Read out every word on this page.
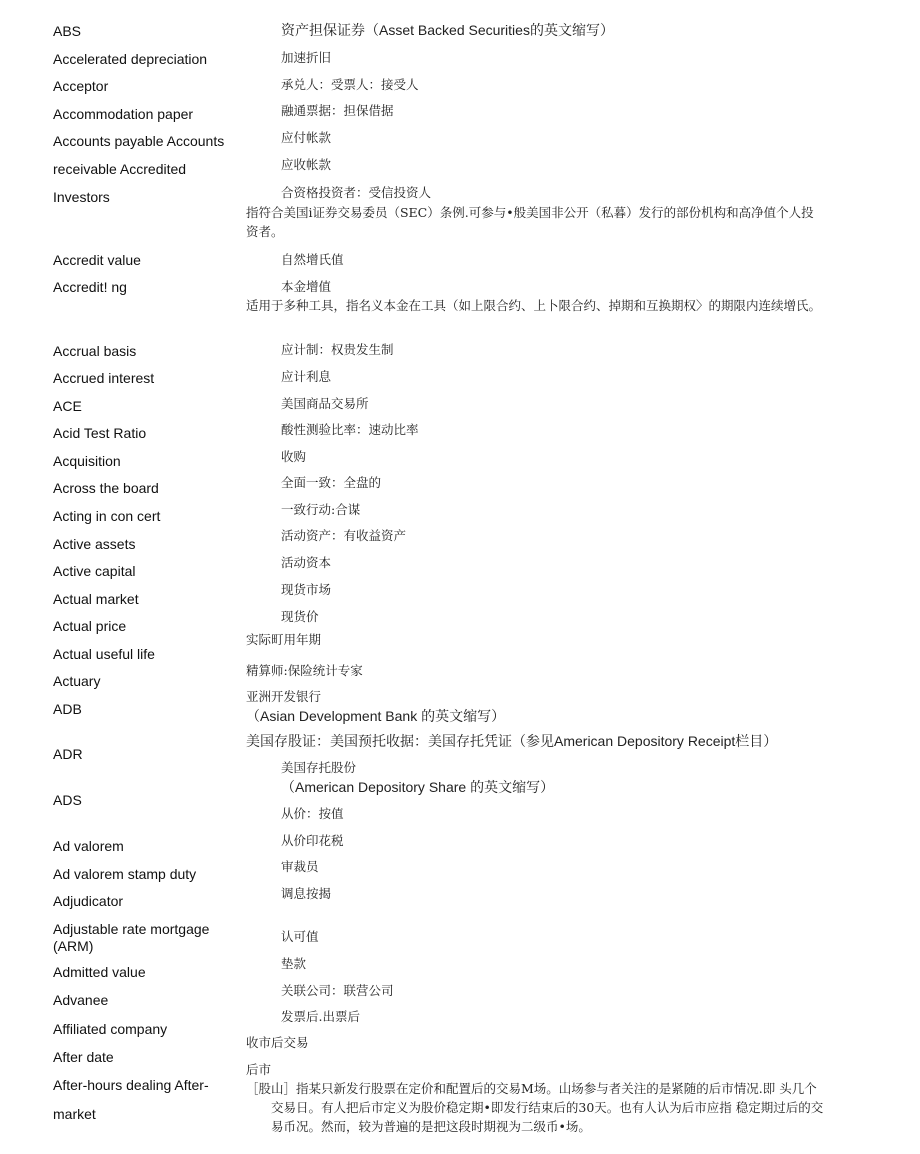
ABS
Accelerated depreciation
Acceptor
Accommodation paper
Accounts payable Accounts
receivable Accredited
Investors
Accredit value
Accredit! ng
Accrual basis
Accrued interest
ACE
Acid Test Ratio
Acquisition
Across the board
Acting in con cert
Active assets
Active capital
Actual market
Actual price
Actual useful life
Actuary
ADB
ADR
ADS
Ad valorem
Ad valorem stamp duty
Adjudicator
Adjustable rate mortgage (ARM)
Admitted value
Advanee
Affiliated company
After date
After-hours dealing After-
market
资产担保证券（Asset Backed Securities的英文缩写）
加速折旧
承兑人：受票人：接受人
融通票据：担保借据
应付帐款
应收帐款
合资格投资者：受信投资人
指符合美国i证券交易委员（SEC）条例.可参与•般美国非公开（私暮）发行的部份机构和高净值个人投资者。
自然增氏值
本金增值
适用于多种工具，指名义本金在工具（如上限合约、上卜限合约、掉期和互换期权〉的期限内连续增氏。
应计制：权贵发生制
应计利息
美国商品交易所
酸性测验比率：速动比率
收购
全面一致：全盘的
一致行动:合谋
活动资产：有收益资产
活动资本
现货市场
现货价
实际町用年期
精算师:保险统计专家
亚洲开发银行
（Asian Development Bank 的英文缩写）
美国存股证：美国预托收据：美国存托凭证（参见American Depository Receipt栏目）
美国存托股份
（American Depository Share 的英文缩写）
从价：按值
从价印花税
审裁员
调息按揭
认可值
垫款
关联公司：联营公司
发票后.出票后
收市后交易
后市
［股山］指某只新发行股票在定价和配置后的交易M场。山场参与者关注的是紧随的后市情况.即 头几个交易日。有人把后市定义为股价稳定期•即发行结束后的30天。也有人认为后市应指 稳定期过后的交易币况。然而，较为普遍的是把这段时期视为二级币•场。
